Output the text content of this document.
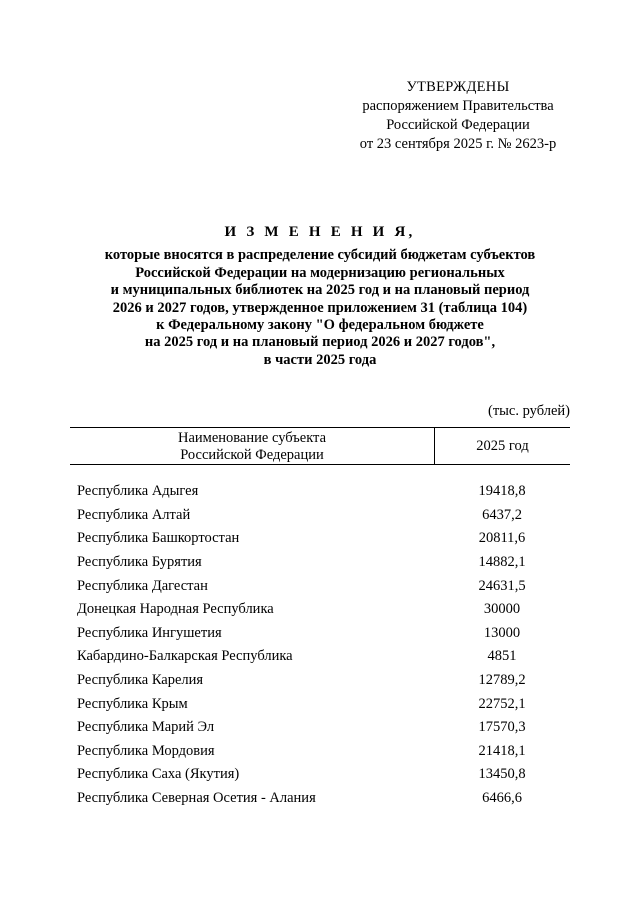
УТВЕРЖДЕНЫ
распоряжением Правительства
Российской Федерации
от 23 сентября 2025 г. № 2623-р
И З М Е Н Е Н И Я,
которые вносятся в распределение субсидий бюджетам субъектов
Российской Федерации на модернизацию региональных
и муниципальных библиотек на 2025 год и на плановый период
2026 и 2027 годов, утвержденное приложением 31 (таблица 104)
к Федеральному закону "О федеральном бюджете
на 2025 год и на плановый период 2026 и 2027 годов",
в части 2025 года
(тыс. рублей)
Наименование субъекта
Российской Федерации
2025 год
Республика Адыгея	19418,8
Республика Алтай	6437,2
Республика Башкортостан	20811,6
Республика Бурятия	14882,1
Республика Дагестан	24631,5
Донецкая Народная Республика	30000
Республика Ингушетия	13000
Кабардино-Балкарская Республика	4851
Республика Карелия	12789,2
Республика Крым	22752,1
Республика Марий Эл	17570,3
Республика Мордовия	21418,1
Республика Саха (Якутия)	13450,8
Республика Северная Осетия - Алания	6466,6
